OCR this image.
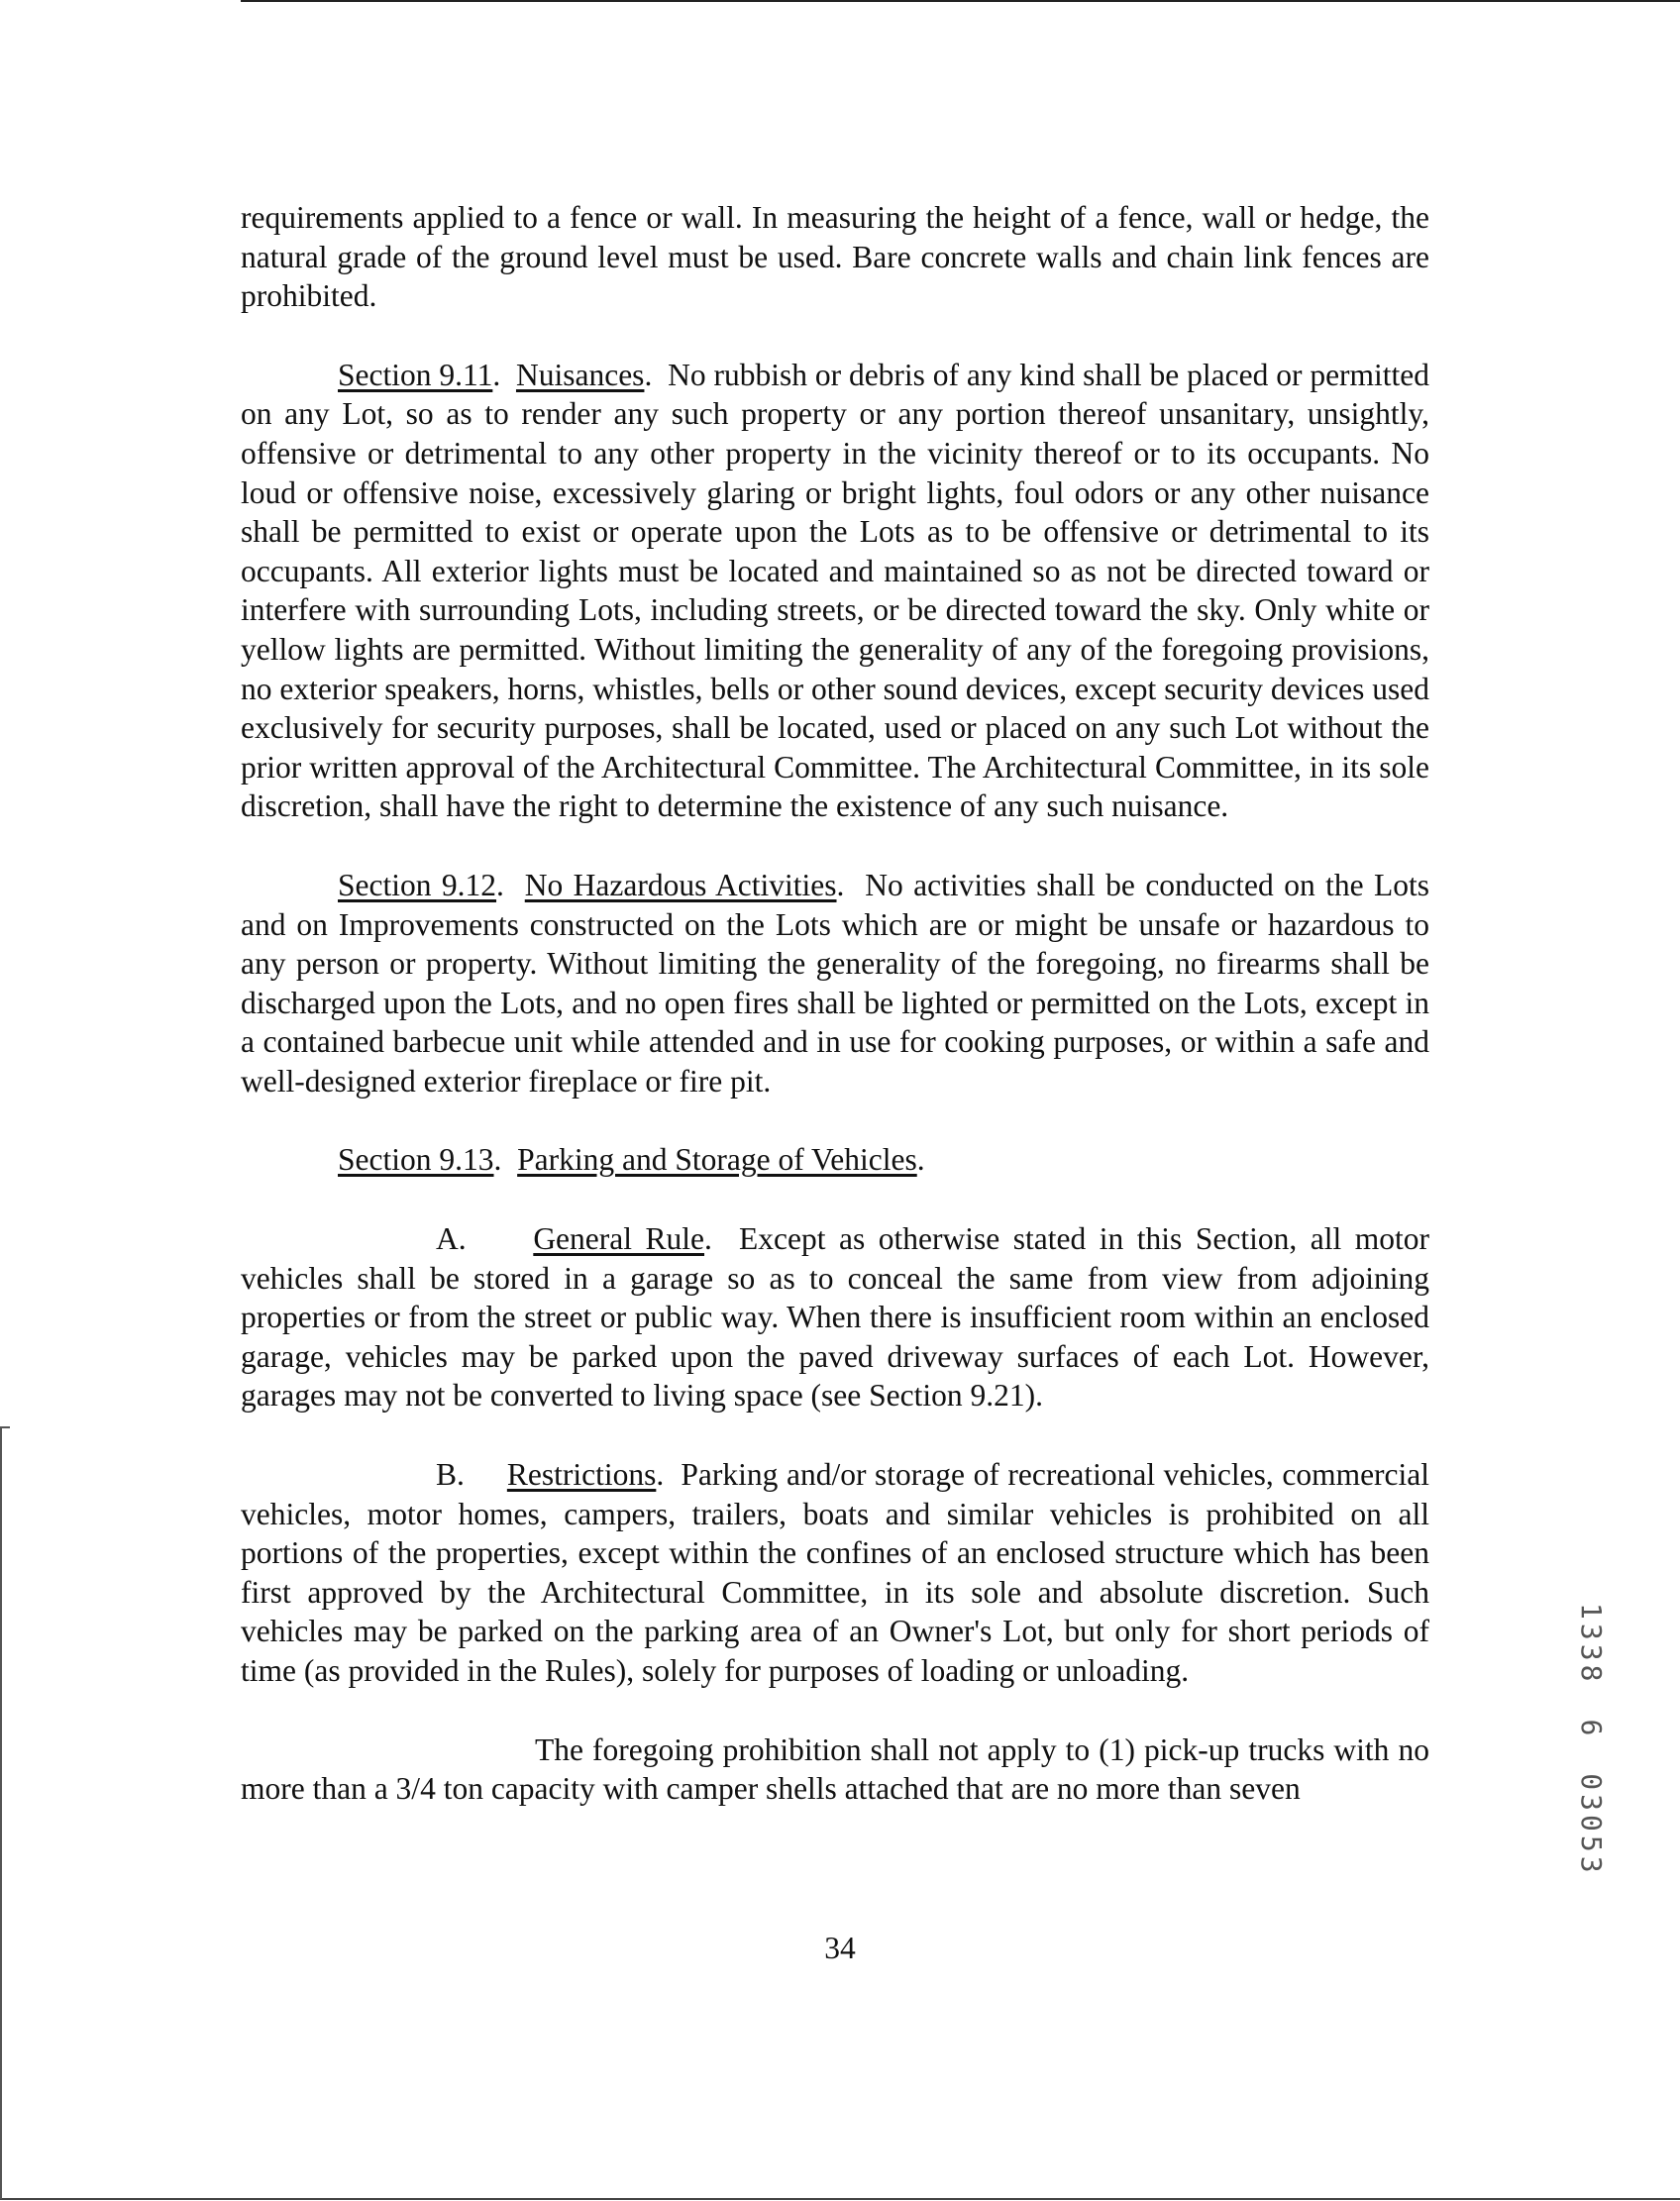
requirements applied to a fence or wall. In measuring the height of a fence, wall or hedge, the natural grade of the ground level must be used. Bare concrete walls and chain link fences are prohibited.

Section 9.11.  Nuisances.  No rubbish or debris of any kind shall be placed or permitted on any Lot, so as to render any such property or any portion thereof unsanitary, unsightly, offensive or detrimental to any other property in the vicinity thereof or to its occupants. No loud or offensive noise, excessively glaring or bright lights, foul odors or any other nuisance shall be permitted to exist or operate upon the Lots as to be offensive or detrimental to its occupants. All exterior lights must be located and maintained so as not be directed toward or interfere with surrounding Lots, including streets, or be directed toward the sky. Only white or yellow lights are permitted. Without limiting the generality of any of the foregoing provisions, no exterior speakers, horns, whistles, bells or other sound devices, except security devices used exclusively for security purposes, shall be located, used or placed on any such Lot without the prior written approval of the Architectural Committee. The Architectural Committee, in its sole discretion, shall have the right to determine the existence of any such nuisance.

Section 9.12.  No Hazardous Activities.  No activities shall be conducted on the Lots and on Improvements constructed on the Lots which are or might be unsafe or hazardous to any person or property. Without limiting the generality of the foregoing, no firearms shall be discharged upon the Lots, and no open fires shall be lighted or permitted on the Lots, except in a contained barbecue unit while attended and in use for cooking purposes, or within a safe and well-designed exterior fireplace or fire pit.

Section 9.13.  Parking and Storage of Vehicles.

A. General Rule.  Except as otherwise stated in this Section, all motor vehicles shall be stored in a garage so as to conceal the same from view from adjoining properties or from the street or public way. When there is insufficient room within an enclosed garage, vehicles may be parked upon the paved driveway surfaces of each Lot. However, garages may not be converted to living space (see Section 9.21).

B. Restrictions.  Parking and/or storage of recreational vehicles, commercial vehicles, motor homes, campers, trailers, boats and similar vehicles is prohibited on all portions of the properties, except within the confines of an enclosed structure which has been first approved by the Architectural Committee, in its sole and absolute discretion. Such vehicles may be parked on the parking area of an Owner's Lot, but only for short periods of time (as provided in the Rules), solely for purposes of loading or unloading.

The foregoing prohibition shall not apply to (1) pick-up trucks with no more than a 3/4 ton capacity with camper shells attached that are no more than seven

34
1338603053
